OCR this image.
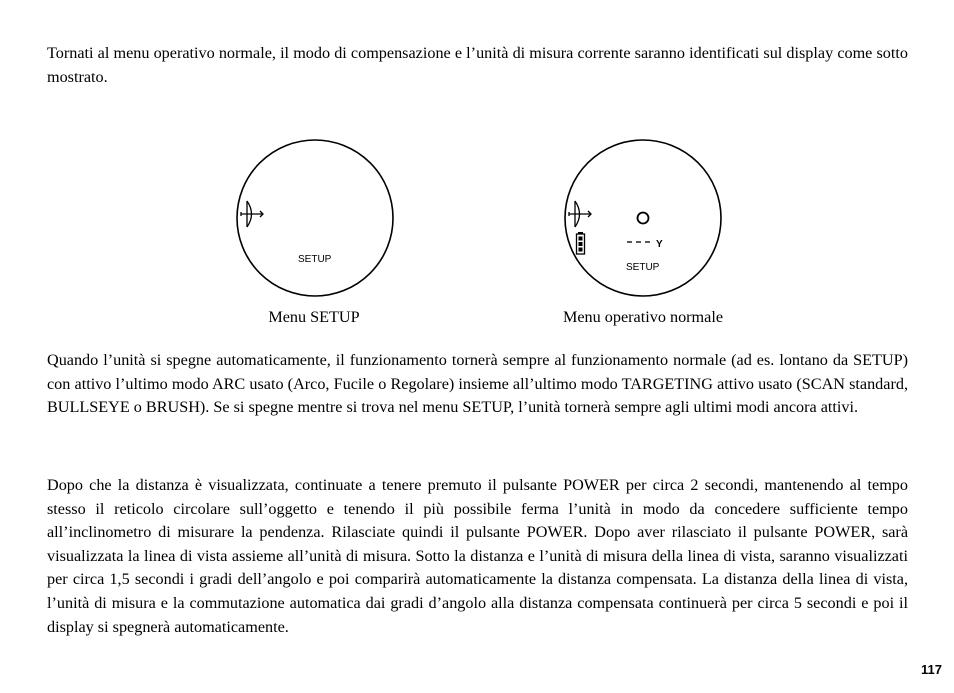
Tornati al menu operativo normale, il modo di compensazione e l’unità di misura corrente saranno identificati sul display come sotto mostrato.

SETUP
Y
SETUP
Menu SETUP	Menu operativo normale

Quando l’unità si spegne automaticamente, il funzionamento tornerà sempre al funzionamento normale (ad es. lontano da SETUP) con attivo l’ultimo modo ARC usato (Arco, Fucile o Regolare) insieme all’ultimo modo TARGETING attivo usato (SCAN standard, BULLSEYE o BRUSH). Se si spegne mentre si trova nel menu SETUP, l’unità tornerà sempre agli ultimi modi ancora attivi.

Dopo che la distanza è visualizzata, continuate a tenere premuto il pulsante POWER per circa 2 secondi, mantenendo al tempo stesso il reticolo circolare sull’oggetto e tenendo il più possibile ferma l’unità in modo da concedere sufficiente tempo all’inclinometro di misurare la pendenza. Rilasciate quindi il pulsante POWER. Dopo aver rilasciato il pulsante POWER, sarà visualizzata la linea di vista assieme all’unità di misura. Sotto la distanza e l’unità di misura della linea di vista, saranno visualizzati per circa 1,5 secondi i gradi dell’angolo e poi comparirà automaticamente la distanza compensata. La distanza della linea di vista, l’unità di misura e la commutazione automatica dai gradi d’angolo alla distanza compensata continuerà per circa 5 secondi e poi il display si spegnerà automaticamente.

117
